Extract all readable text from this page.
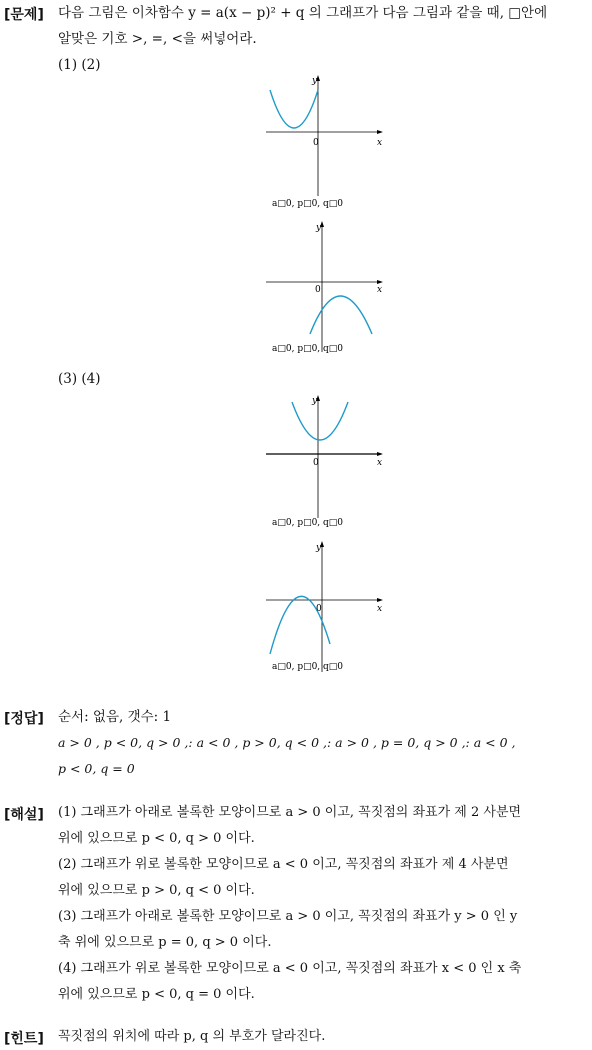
[문제] 다음 그림은 이차함수 y = a(x − p)² + q 의 그래프가 다음 그림과 같을 때, □안에
알맞은 기호 >, =, <을 써넣어라.
(1) (2)
0	x
y
a□0, p□0, q□0
0	x
y
a□0, p□0, q□0
(3) (4)
0	x
y
a□0, p□0, q□0
0	x
y
a□0, p□0, q□0
[정답] 순서: 없음, 갯수: 1
a > 0 , p < 0, q > 0 ,: a < 0 , p > 0, q < 0 ,: a > 0 , p = 0, q > 0 ,: a < 0 ,
p < 0, q = 0
[해설] (1) 그래프가 아래로 볼록한 모양이므로 a > 0 이고, 꼭짓점의 좌표가 제 2 사분면
위에 있으므로 p < 0, q > 0 이다.
(2) 그래프가 위로 볼록한 모양이므로 a < 0 이고, 꼭짓점의 좌표가 제 4 사분면
위에 있으므로 p > 0, q < 0 이다.
(3) 그래프가 아래로 볼록한 모양이므로 a > 0 이고, 꼭짓점의 좌표가 y > 0 인 y
축 위에 있으므로 p = 0, q > 0 이다.
(4) 그래프가 위로 볼록한 모양이므로 a < 0 이고, 꼭짓점의 좌표가 x < 0 인 x 축
위에 있으므로 p < 0, q = 0 이다.
[힌트] 꼭짓점의 위치에 따라 p, q 의 부호가 달라진다.
